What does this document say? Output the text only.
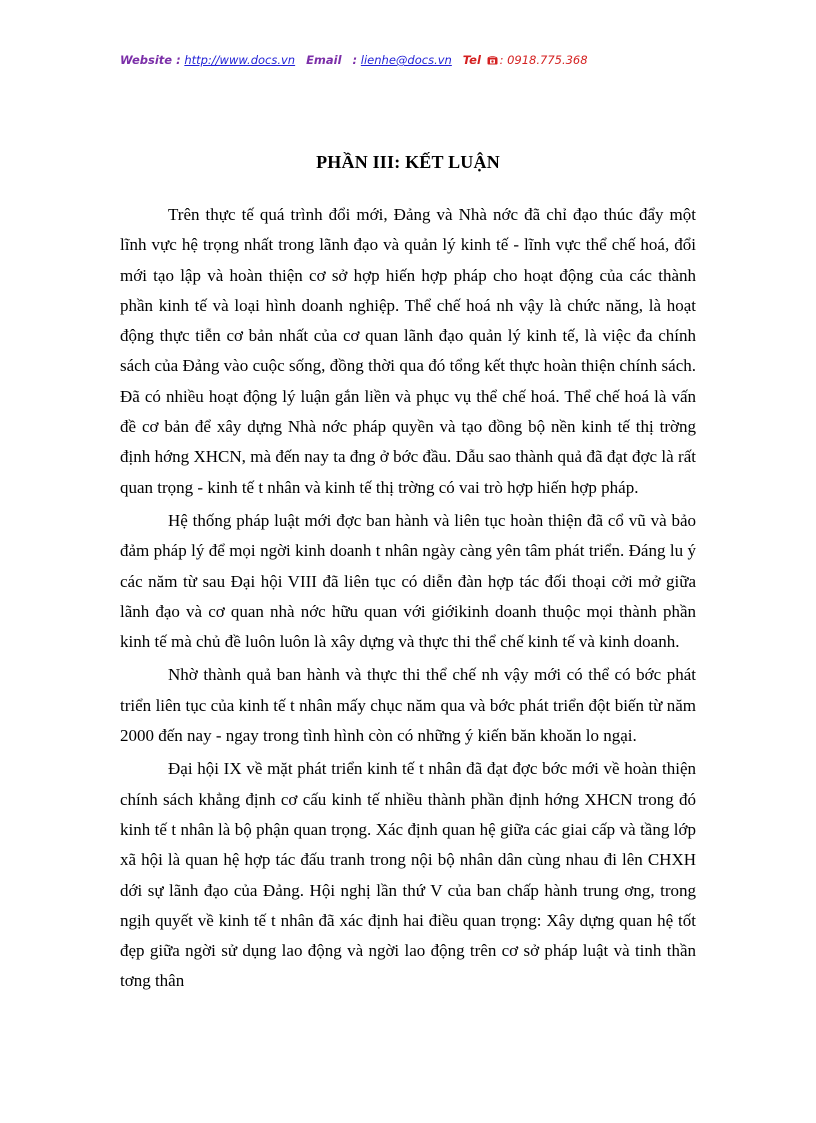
Website : http://www.docs.vn Email : lienhe@docs.vn Tel : 0918.775.368
PHẦN III: KẾT LUẬN

Trên thực tế quá trình đổi mới, Đảng và Nhà nớc đã chỉ đạo thúc đẩy một lĩnh vực hệ trọng nhất trong lãnh đạo và quản lý kinh tế - lĩnh vực thể chế hoá, đổi mới tạo lập và hoàn thiện cơ sở hợp hiến hợp pháp cho hoạt động của các thành phần kinh tế và loại hình doanh nghiệp. Thể chế hoá nh vậy là chức năng, là hoạt động thực tiễn cơ bản nhất của cơ quan lãnh đạo quản lý kinh tế, là việc đa chính sách của Đảng vào cuộc sống, đồng thời qua đó tổng kết thực hoàn thiện chính sách. Đã có nhiều hoạt động lý luận gắn liền và phục vụ thể chế hoá. Thể chế hoá là vấn đề cơ bản để xây dựng Nhà nớc pháp quyền và tạo đồng bộ nền kinh tế thị trờng định hớng XHCN, mà đến nay ta đng ở bớc đầu. Dẫu sao thành quả đã đạt đợc là rất quan trọng - kinh tế t nhân và kinh tế thị trờng có vai trò hợp hiến hợp pháp.

Hệ thống pháp luật mới đợc ban hành và liên tục hoàn thiện đã cổ vũ và bảo đảm pháp lý để mọi ngời kinh doanh t nhân ngày càng yên tâm phát triển. Đáng lu ý các năm từ sau Đại hội VIII đã liên tục có diễn đàn hợp tác đối thoại cởi mở giữa lãnh đạo và cơ quan nhà nớc hữu quan với giớikinh doanh thuộc mọi thành phần kinh tế mà chủ đề luôn luôn là xây dựng và thực thi thể chế kinh tế và kinh doanh.

Nhờ thành quả ban hành và thực thi thể chế nh vậy mới có thể có bớc phát triển liên tục của kinh tế t nhân mấy chục năm qua và bớc phát triển đột biến từ năm 2000 đến nay - ngay trong tình hình còn có những ý kiến băn khoăn lo ngại.

Đại hội IX về mặt phát triển kinh tế t nhân đã đạt đợc bớc mới về hoàn thiện chính sách khẳng định cơ cấu kinh tế nhiều thành phần định hớng XHCN trong đó kinh tế t nhân là bộ phận quan trọng. Xác định quan hệ giữa các giai cấp và tầng lớp xã hội là quan hệ hợp tác đấu tranh trong nội bộ nhân dân cùng nhau đi lên CHXH dới sự lãnh đạo của Đảng. Hội nghị lần thứ V của ban chấp hành trung ơng, trong ngịh quyết về kinh tế t nhân đã xác định hai điều quan trọng: Xây dựng quan hệ tốt đẹp giữa ngời sử dụng lao động và ngời lao động trên cơ sở pháp luật và tinh thần tơng thân
